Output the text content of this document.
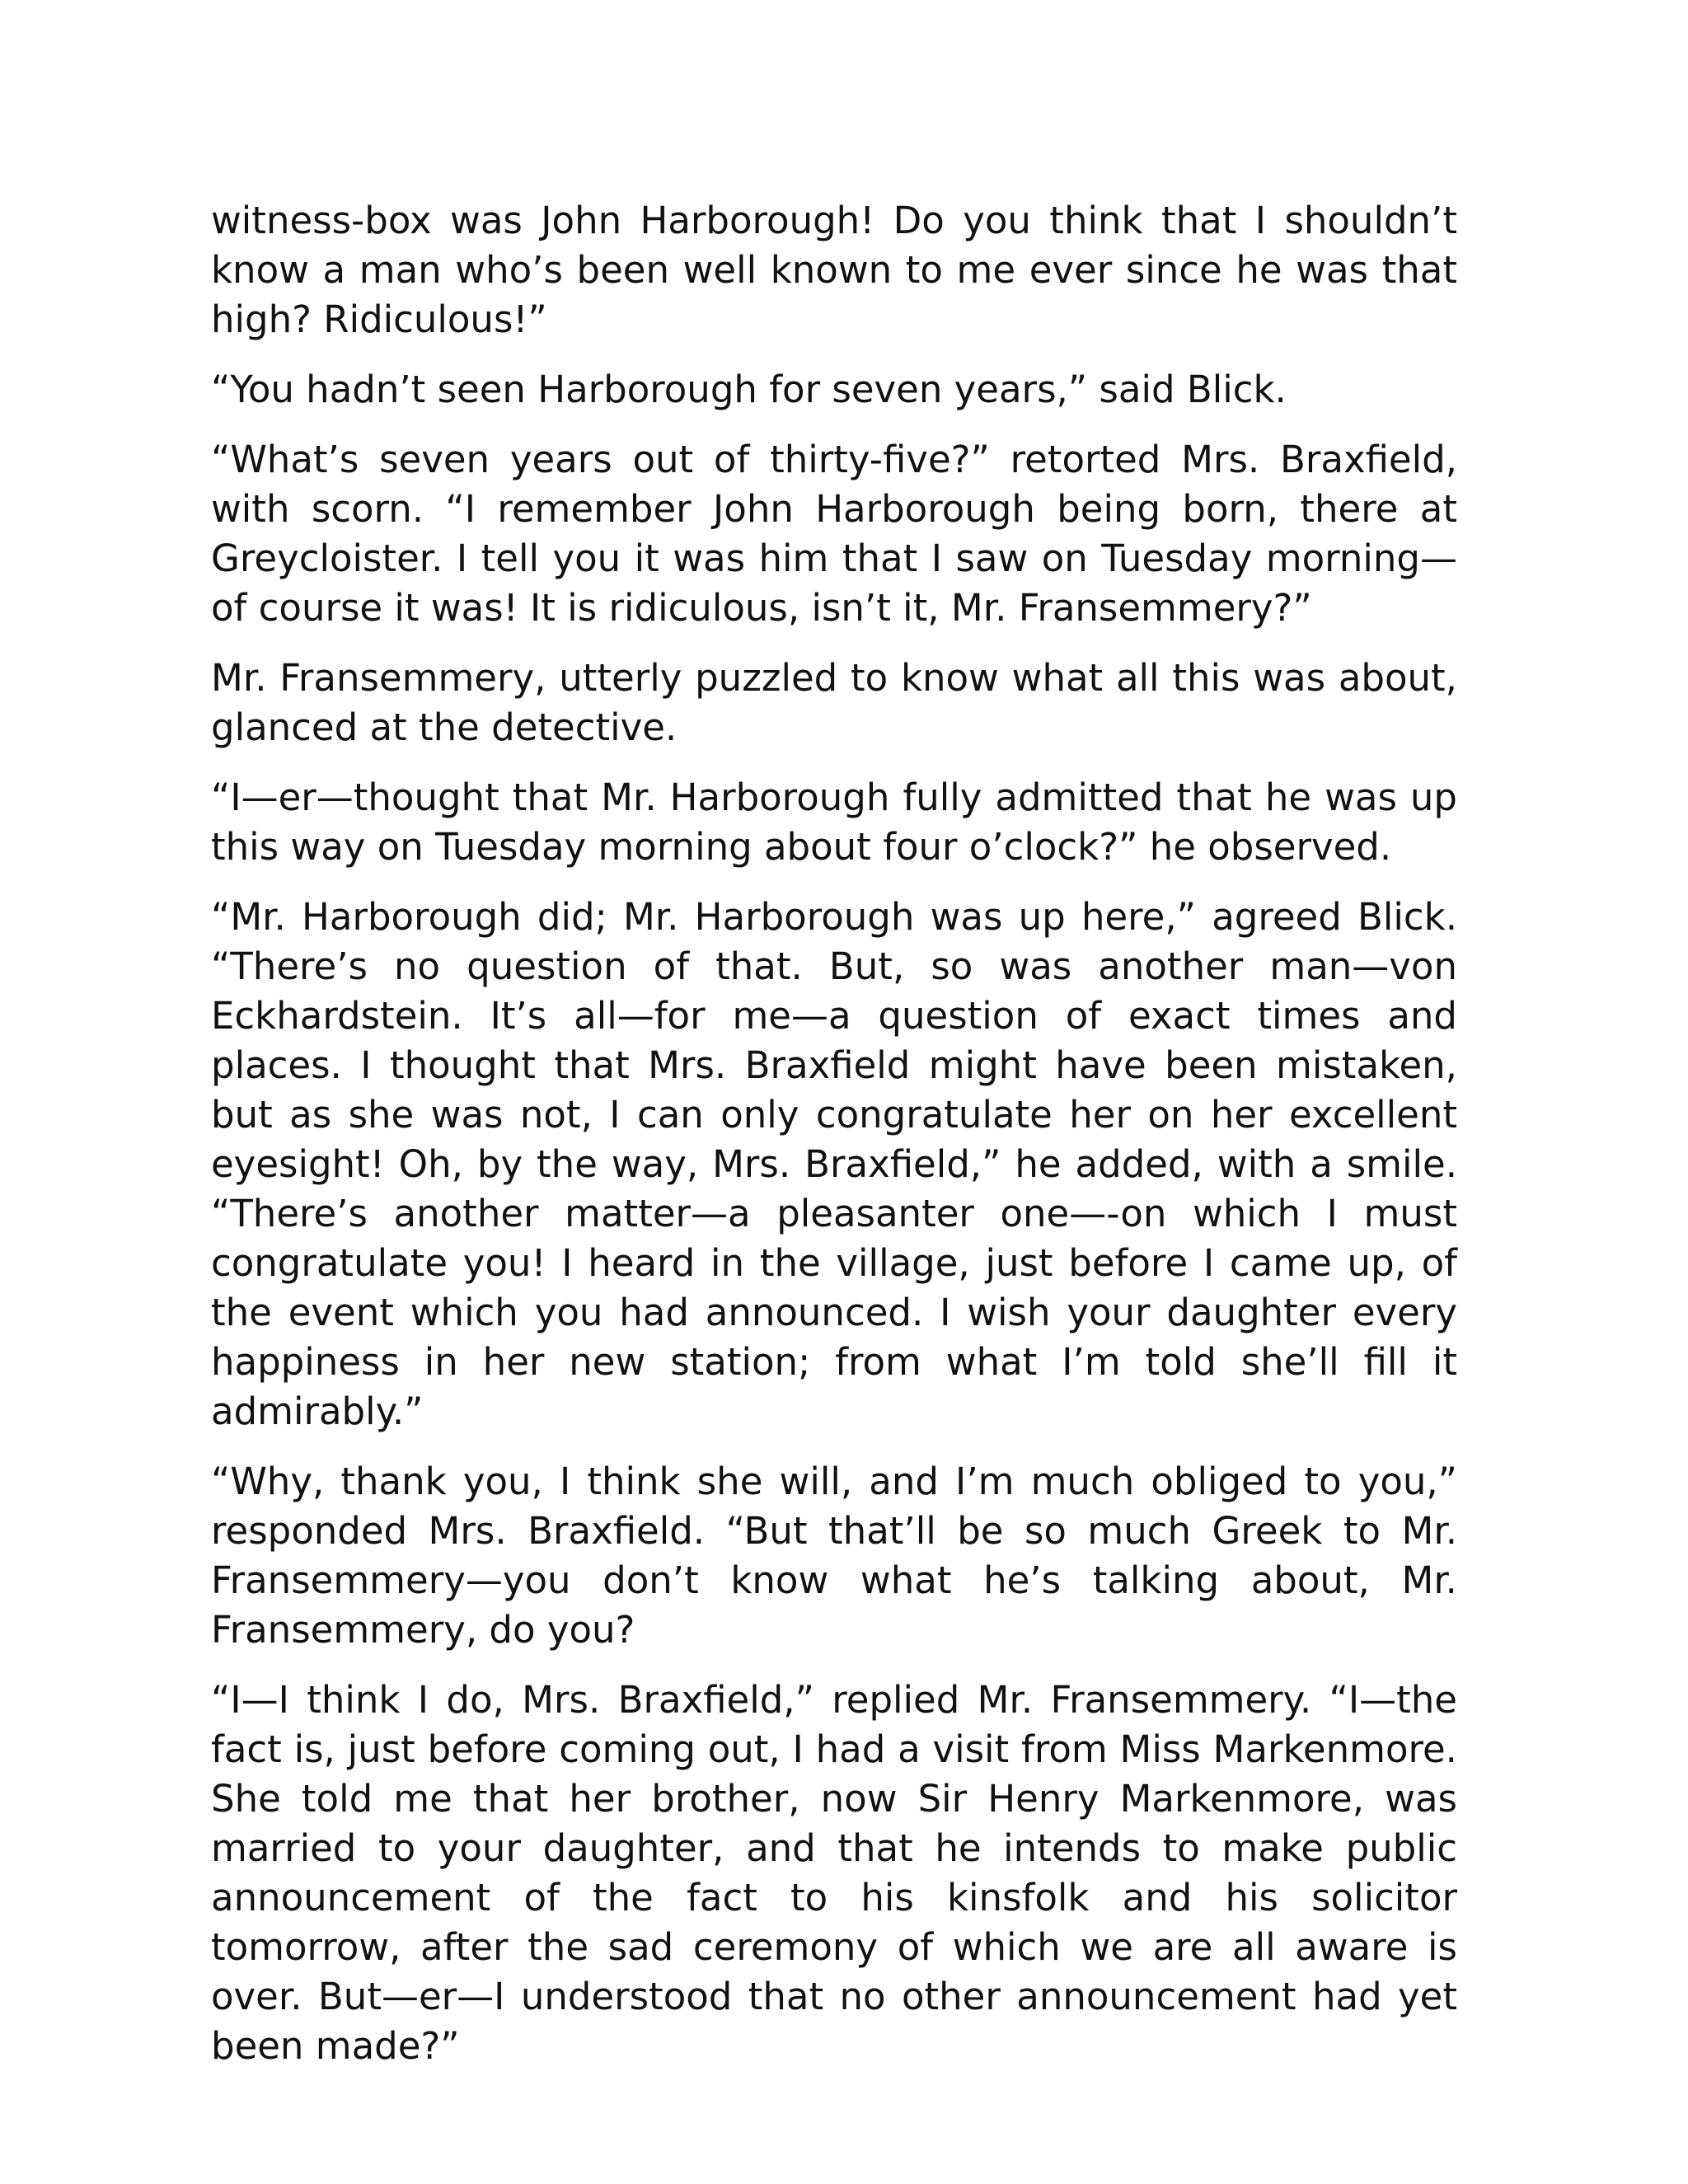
witness-box was John Harborough! Do you think that I shouldn’t know a man who’s been well known to me ever since he was that high? Ridiculous!”

“You hadn’t seen Harborough for seven years,” said Blick.

“What’s seven years out of thirty-five?” retorted Mrs. Braxfield, with scorn. “I remember John Harborough being born, there at Greycloister. I tell you it was him that I saw on Tuesday morning—of course it was! It is ridiculous, isn’t it, Mr. Fransemmery?”

Mr. Fransemmery, utterly puzzled to know what all this was about, glanced at the detective.

“I—er—thought that Mr. Harborough fully admitted that he was up this way on Tuesday morning about four o’clock?” he observed.

“Mr. Harborough did; Mr. Harborough was up here,” agreed Blick. “There’s no question of that. But, so was another man—von Eckhardstein. It’s all—for me—a question of exact times and places. I thought that Mrs. Braxfield might have been mistaken, but as she was not, I can only congratulate her on her excellent eyesight! Oh, by the way, Mrs. Braxfield,” he added, with a smile. “There’s another matter—a pleasanter one—-on which I must congratulate you! I heard in the village, just before I came up, of the event which you had announced. I wish your daughter every happiness in her new station; from what I’m told she’ll fill it admirably.”

“Why, thank you, I think she will, and I’m much obliged to you,” responded Mrs. Braxfield. “But that’ll be so much Greek to Mr. Fransemmery—you don’t know what he’s talking about, Mr. Fransemmery, do you?

“I—I think I do, Mrs. Braxfield,” replied Mr. Fransemmery. “I—the fact is, just before coming out, I had a visit from Miss Markenmore. She told me that her brother, now Sir Henry Markenmore, was married to your daughter, and that he intends to make public announcement of the fact to his kinsfolk and his solicitor tomorrow, after the sad ceremony of which we are all aware is over. But—er—I understood that no other announcement had yet been made?”
